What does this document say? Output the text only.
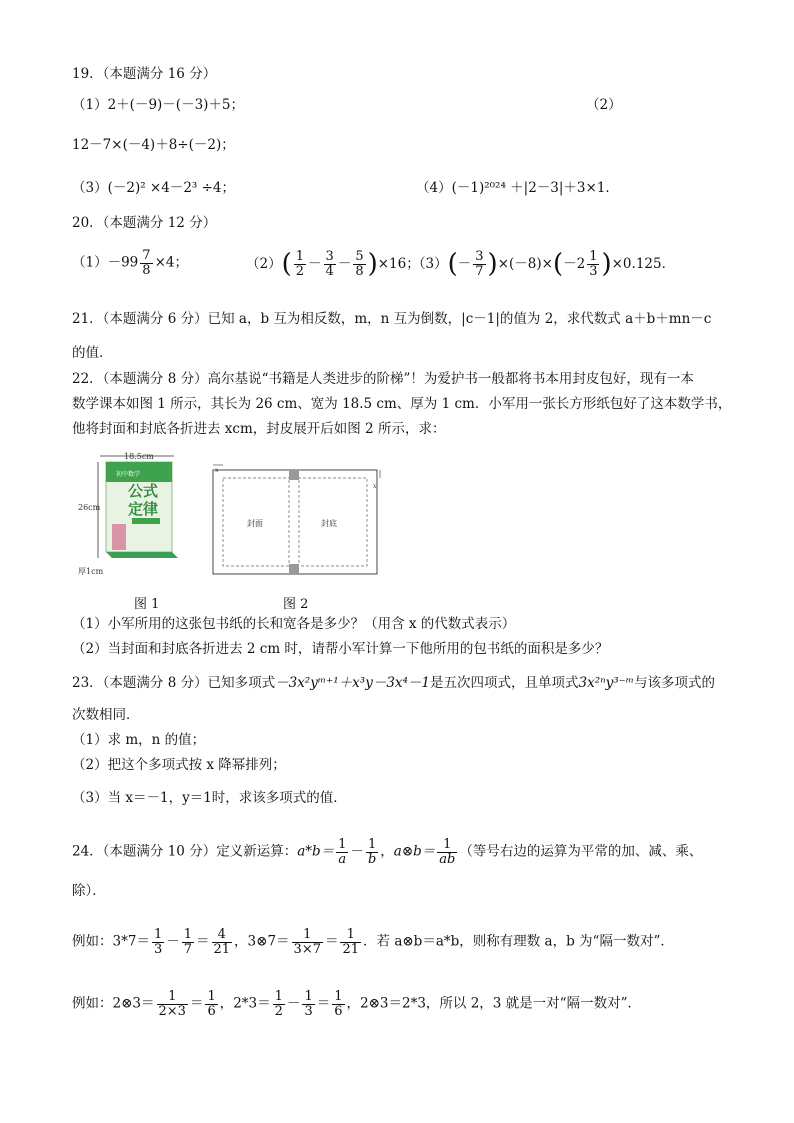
19．（本题满分 16 分）
（1）2＋(－9)－(－3)＋5；	（2）
12－7×(－4)＋8÷(－2)；
（3）(－2)² ×4－2³ ÷4；	（4）(－1)²⁰²⁴ ＋|2－3|＋3×1．
20．（本题满分 12 分）
$(1)-99 \frac{7}{8} \times 4$；	$(2)( \frac{1}{2} - \frac{3}{4} - \frac{5}{8} )\times 16$；
$(3)(- \frac{3}{7} )\times(-8)\times(-2 \frac{1}{3} )\times 0.125$．
21．（本题满分 6 分）已知 a，b 互为相反数，m，n 互为倒数，|c－1|的值为 2，求代数式 a＋b＋mn－c
的值．
22．（本题满分 8 分）高尔基说“书籍是人类进步的阶梯”！为爱护书一般都将书本用封皮包好，现有一本
数学课本如图 1 所示，其长为 26 cm、宽为 18.5 cm、厚为 1 cm．小军用一张长方形纸包好了这本数学书，
他将封面和封底各折进去 xcm，封皮展开后如图 2 所示，求：
18.5cm
26cm
初中数学
公式
定律
厚1cm
封面	封底
x
x
图 1	图 2
（1）小军所用的这张包书纸的长和宽各是多少？（用含 x 的代数式表示）
（2）当封面和封底各折进去 2 cm 时，请帮小军计算一下他所用的包书纸的面积是多少？
23．（本题满分 8 分）已知多项式－3x²yᵐ⁺¹＋x³y－3x⁴－1是五次四项式，且单项式3x²ⁿy³⁻ᵐ与该多项式的
次数相同．
（1）求 m，n 的值；
（2）把这个多项式按 x 降幂排列；
（3）当 x＝－1，y＝1时，求该多项式的值．
24．（本题满分 10 分）定义新运算：$a*b= \frac{1}{a} - \frac{1}{b}$ ，a⊗b＝ $\frac{1}{ab}$ （等号右边的运算为平常的加、减、乘、
除）．
例如：$3*7= \frac{1}{3} - \frac{1}{7} = \frac{4}{21}$ ，3⊗7＝ $\frac{1}{3\times 7} = \frac{1}{21}$ ．若 a⊗b＝a*b，则称有理数 a，b 为“隔一数对”．
例如：2⊗3＝ $\frac{1}{2\times 3} = \frac{1}{6}$ ，$2*3= \frac{1}{2} - \frac{1}{3} = \frac{1}{6}$ ，2⊗3＝2*3，所以 2，3 就是一对“隔一数对”．
